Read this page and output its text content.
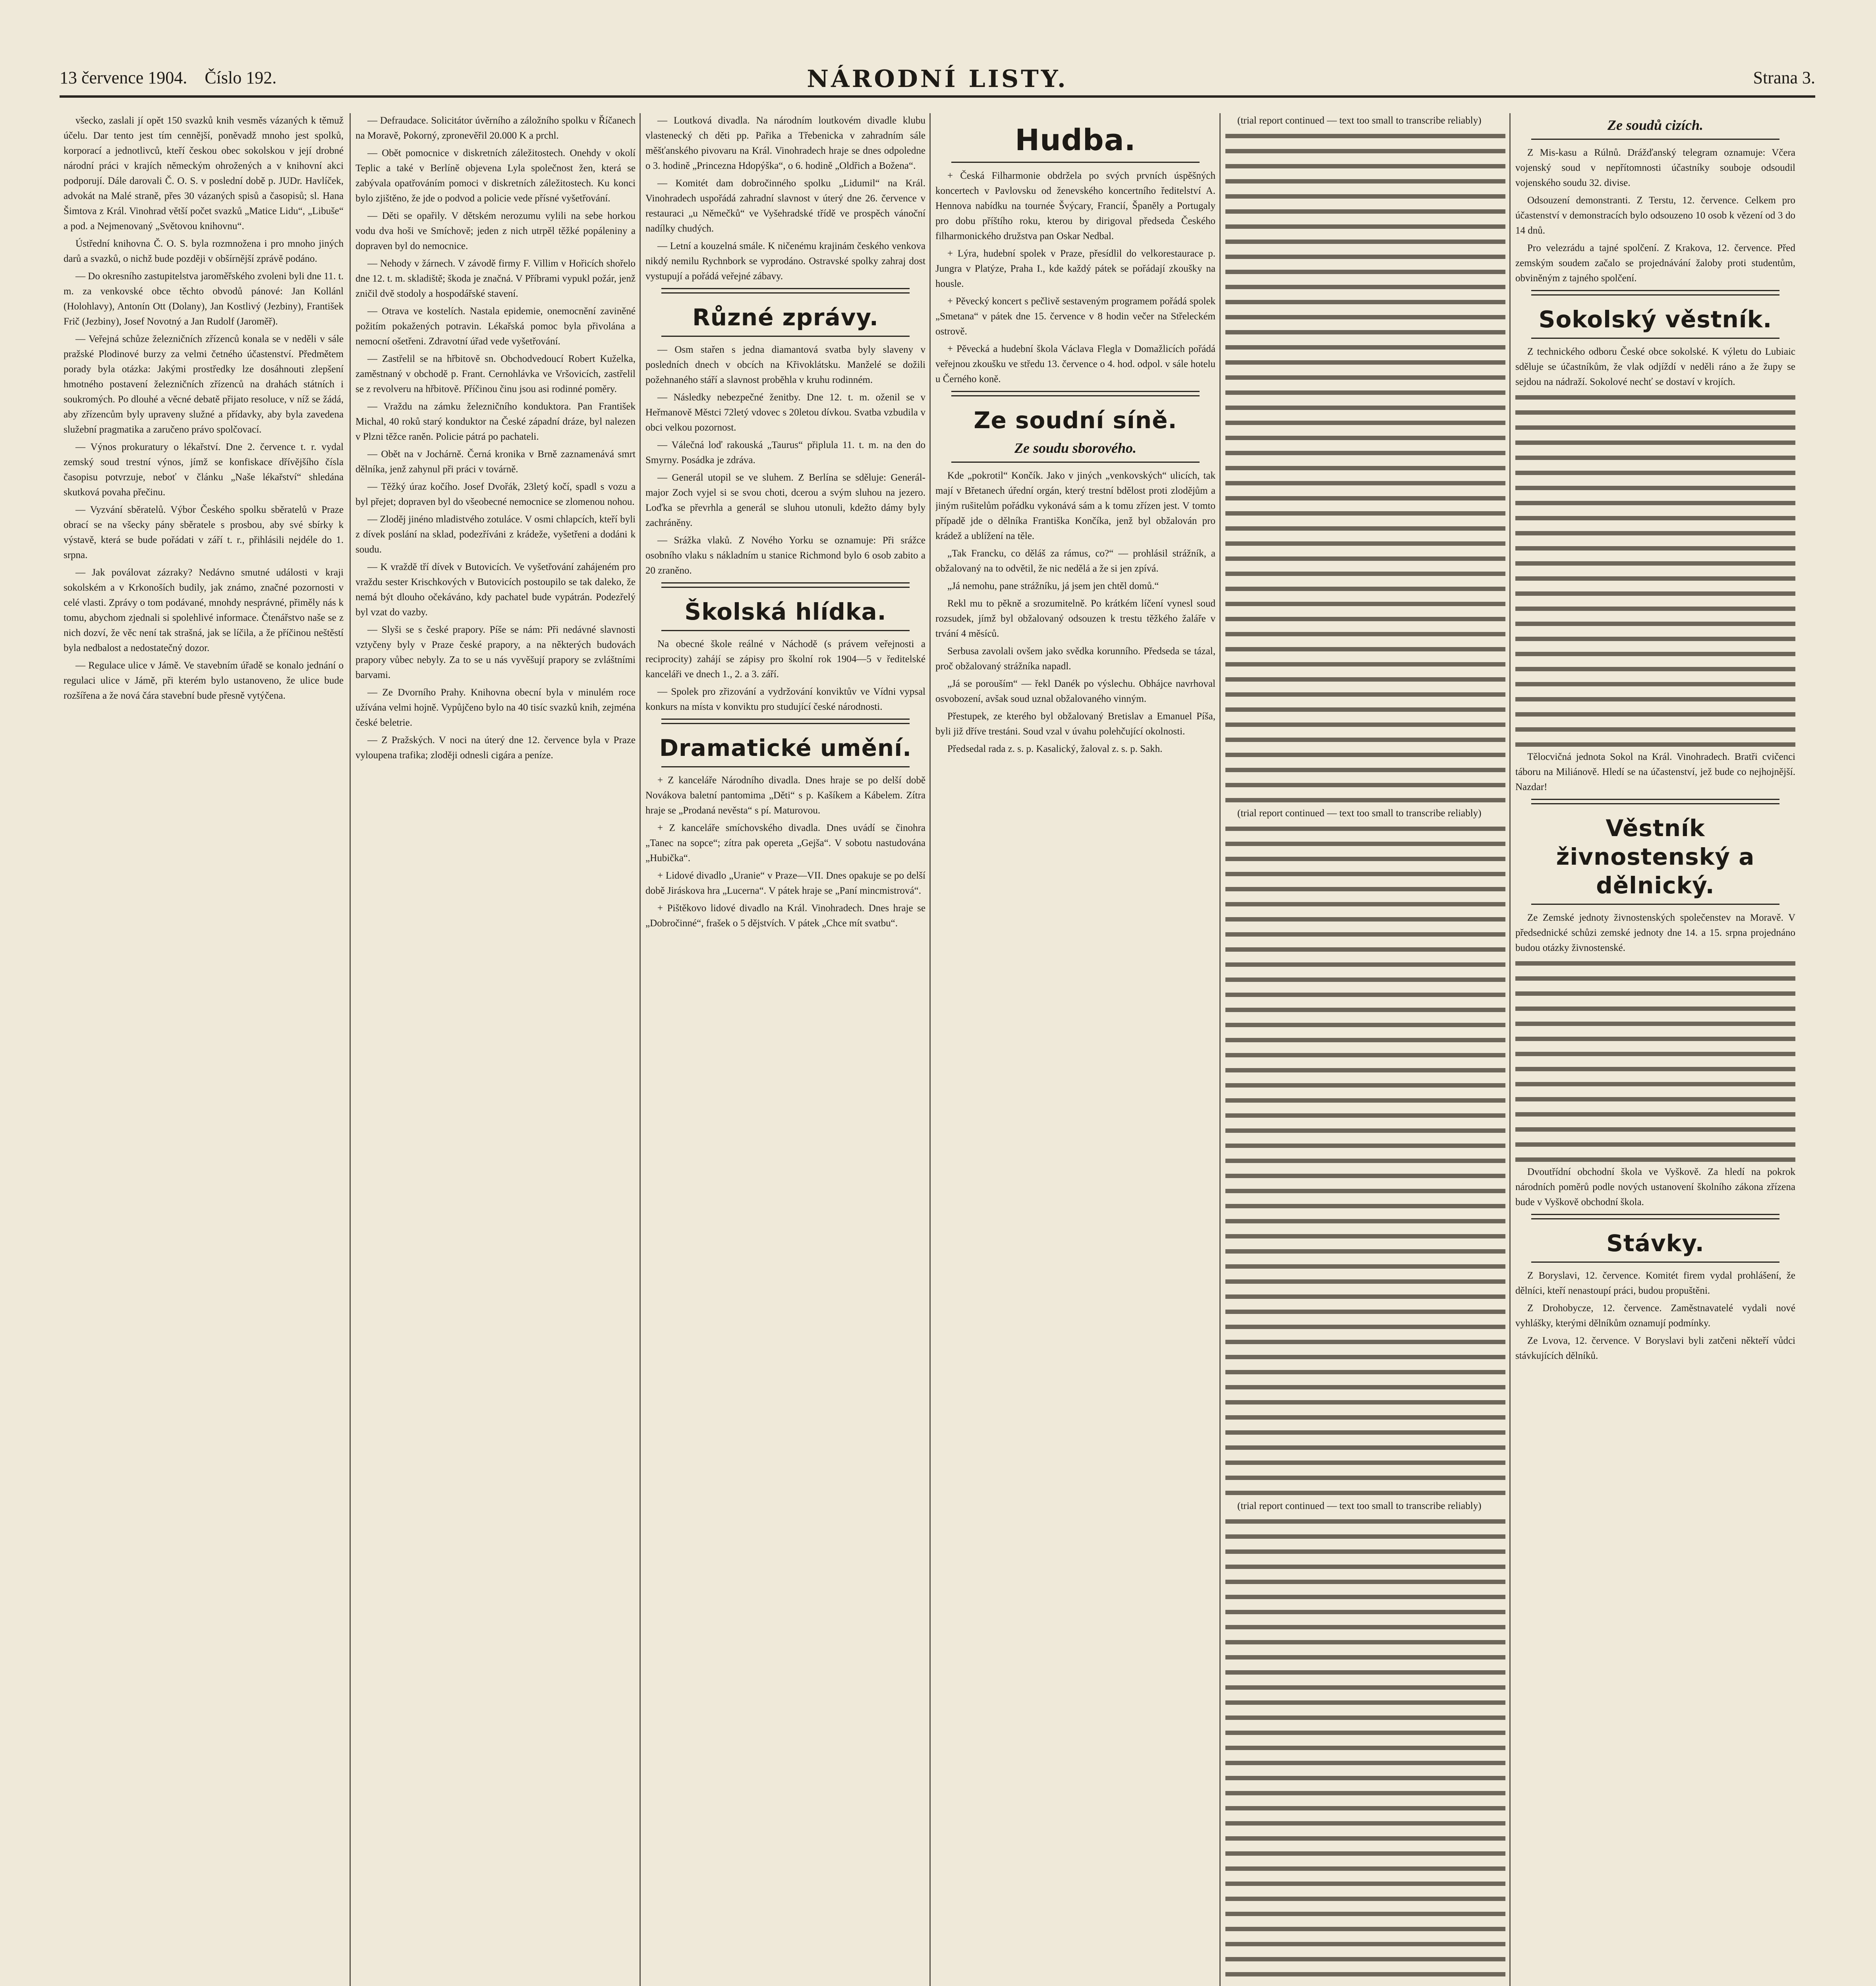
13 července 1904. Číslo 192.	NÁRODNÍ LISTY.	Strana 3.

všecko, zaslali jí opět 150 svazků knih vesměs vázaných k těmuž účelu. Dar tento jest tím cennější, poněvadž mnoho jest spolků, korporací a jednotlivců, kteří českou obec sokolskou v její drobné národní práci v krajích německým ohrožených a v knihovní akci podporují. Dále darovali Č. O. S. v poslední době p. JUDr. Havlíček, advokát na Malé straně, přes 30 vázaných spisů a časopisů; sl. Hana Šimtova z Král. Vinohrad větší počet svazků „Matice Lidu“, „Libuše“ a pod. a Nejmenovaný „Světovou knihovnu“.

Ústřední knihovna Č. O. S. byla rozmnožena i pro mnoho jiných darů a svazků, o nichž bude později v obšírnější zprávě podáno.

— Do okresního zastupitelstva jaroměřského zvoleni byli dne 11. t. m. za venkovské obce těchto obvodů pánové: Jan Kollánl (Holohlavy), Antonín Ott (Dolany), Jan Kostlivý (Jezbiny), František Frič (Jezbiny), Josef Novotný a Jan Rudolf (Jaroměř).

— Veřejná schůze železničních zřízenců konala se v neděli v sále pražské Plodinové burzy za velmi četného účastenství. Předmětem porady byla otázka: Jakými prostředky lze dosáhnouti zlepšení hmotného postavení železničních zřízenců na drahách státních i soukromých. Po dlouhé a věcné debatě přijato resoluce, v níž se žádá, aby zřízencům byly upraveny služné a přídavky, aby byla zavedena služební pragmatika a zaručeno právo spolčovací.

— Výnos prokuratury o lékařství. Dne 2. července t. r. vydal zemský soud trestní výnos, jímž se konfiskace dřívějšího čísla časopisu potvrzuje, neboť v článku „Naše lékařství“ shledána skutková povaha přečinu.

— Vyzvání sběratelů. Výbor Českého spolku sběratelů v Praze obrací se na všecky pány sběratele s prosbou, aby své sbírky k výstavě, která se bude pořádati v září t. r., přihlásili nejdéle do 1. srpna.

— Jak poválovat zázraky? Nedávno smutné události v kraji sokolském a v Krkonoších budily, jak známo, značné pozornosti v celé vlasti. Zprávy o tom podávané, mnohdy nesprávné, přiměly nás k tomu, abychom zjednali si spolehlivé informace. Čtenářstvo naše se z nich dozví, že věc není tak strašná, jak se líčila, a že příčinou neštěstí byla nedbalost a nedostatečný dozor.

— Regulace ulice v Jámě. Ve stavebním úřadě se konalo jednání o regulaci ulice v Jámě, při kterém bylo ustanoveno, že ulice bude rozšířena a že nová čára stavební bude přesně vytýčena.

— Defraudace. Solicitátor úvěrního a záložního spolku v Říčanech na Moravě, Pokorný, zpronevěřil 20.000 K a prchl.

— Obět pomocnice v diskretních záležitostech. Onehdy v okolí Teplic a také v Berlíně objevena Lyla společnost žen, která se zabývala opatřováním pomoci v diskretních záležitostech. Ku konci bylo zjištěno, že jde o podvod a policie vede přísné vyšetřování.

— Děti se opařily. V dětském nerozumu vylili na sebe horkou vodu dva hoši ve Smíchově; jeden z nich utrpěl těžké popáleniny a dopraven byl do nemocnice.

— Nehody v žárnech. V závodě firmy F. Villim v Hořicích shořelo dne 12. t. m. skladiště; škoda je značná. V Příbrami vypukl požár, jenž zničil dvě stodoly a hospodářské stavení.

— Otrava ve kostelích. Nastala epidemie, onemocnění zaviněné požitím pokažených potravin. Lékařská pomoc byla přivolána a nemocní ošetřeni. Zdravotní úřad vede vyšetřování.

— Zastřelil se na hřbitově sn. Obchodvedoucí Robert Kuželka, zaměstnaný v obchodě p. Frant. Cernohlávka ve Vršovicích, zastřelil se z revolveru na hřbitově. Příčinou činu jsou asi rodinné poměry.

— Vraždu na zámku železničního konduktora. Pan František Michal, 40 roků starý konduktor na České západní dráze, byl nalezen v Plzni těžce raněn. Policie pátrá po pachateli.

— Obět na v Jochárně. Černá kronika v Brně zaznamenává smrt dělníka, jenž zahynul při práci v továrně.

— Těžký úraz kočího. Josef Dvořák, 23letý kočí, spadl s vozu a byl přejet; dopraven byl do všeobecné nemocnice se zlomenou nohou.

— Zloděj jinéno mladistvého zotuláce. V osmi chlapcích, kteří byli z dívek poslání na sklad, podezříváni z krádeže, vyšetřeni a dodáni k soudu.

— K vraždě tří dívek v Butovicích. Ve vyšetřování zahájeném pro vraždu sester Krischkových v Butovicích postoupilo se tak daleko, že nemá být dlouho očekáváno, kdy pachatel bude vypátrán. Podezřelý byl vzat do vazby.

— Slyši se s české prapory. Píše se nám: Při nedávné slavnosti vztyčeny byly v Praze české prapory, a na některých budovách prapory vůbec nebyly. Za to se u nás vyvěšují prapory se zvláštními barvami.

— Ze Dvorního Prahy. Knihovna obecní byla v minulém roce užívána velmi hojně. Vypůjčeno bylo na 40 tisíc svazků knih, zejména české beletrie.

— Z Pražských. V noci na úterý dne 12. července byla v Praze vyloupena trafika; zloději odnesli cigára a peníze.

— Loutková divadla. Na národním loutkovém divadle klubu vlastenecký ch děti pp. Pařika a Třebenicka v zahradním sále měšťanského pivovaru na Král. Vinohradech hraje se dnes odpoledne o 3. hodině „Princezna Hdopýška“, o 6. hodině „Oldřich a Božena“.

— Komitét dam dobročinného spolku „Lidumil“ na Král. Vinohradech uspořádá zahradní slavnost v úterý dne 26. července v restauraci „u Němečků“ ve Vyšehradské třídě ve prospěch vánoční nadílky chudých.

— Letní a kouzelná smále. K ničenému krajinám českého venkova nikdý nemilu Rychnbork se vyprodáno. Ostravské spolky zahraj dost vystupují a pořádá veřejné zábavy.

Různé zprávy.

— Osm stařen s jedna diamantová svatba byly slaveny v posledních dnech v obcích na Křivoklátsku. Manželé se dožili požehnaného stáří a slavnost proběhla v kruhu rodinném.

— Následky nebezpečné ženitby. Dne 12. t. m. oženil se v Heřmanově Městci 72letý vdovec s 20letou dívkou. Svatba vzbudila v obci velkou pozornost.

— Válečná loď rakouská „Taurus“ připlula 11. t. m. na den do Smyrny. Posádka je zdráva.

— Generál utopil se ve sluhem. Z Berlína se sděluje: Generál-major Zoch vyjel si se svou choti, dcerou a svým sluhou na jezero. Loďka se převrhla a generál se sluhou utonuli, kdežto dámy byly zachráněny.

— Srážka vlaků. Z Nového Yorku se oznamuje: Při srážce osobního vlaku s nákladním u stanice Richmond bylo 6 osob zabito a 20 zraněno.

Školská hlídka.

Na obecné škole reálné v Náchodě (s právem veřejnosti a reciprocity) zahájí se zápisy pro školní rok 1904—5 v ředitelské kanceláři ve dnech 1., 2. a 3. září.

— Spolek pro zřizování a vydržování konviktův ve Vídni vypsal konkurs na místa v konviktu pro studující české národnosti.

Dramatické umění.

+ Z kanceláře Národního divadla. Dnes hraje se po delší době Novákova baletní pantomima „Děti“ s p. Kašíkem a Kábelem. Zítra hraje se „Prodaná nevěsta“ s pí. Maturovou.

+ Z kanceláře smíchovského divadla. Dnes uvádí se činohra „Tanec na sopce“; zítra pak opereta „Gejša“. V sobotu nastudována „Hubička“.

+ Lidové divadlo „Uranie“ v Praze—VII. Dnes opakuje se po delší době Jiráskova hra „Lucerna“. V pátek hraje se „Paní mincmistrová“.

+ Pištěkovo lidové divadlo na Král. Vinohradech. Dnes hraje se „Dobročinné“, frašek o 5 dějstvích. V pátek „Chce mít svatbu“.

Hudba.

+ Česká Filharmonie obdržela po svých prvních úspěšných koncertech v Pavlovsku od ženevského koncertního ředitelství A. Hennova nabídku na tournée Švýcary, Francií, Španěly a Portugaly pro dobu příštího roku, kterou by dirigoval předseda Českého filharmonického družstva pan Oskar Nedbal.

+ Lýra, hudební spolek v Praze, přesídlil do velkorestaurace p. Jungra v Platýze, Praha I., kde každý pátek se pořádají zkoušky na housle.

+ Pěvecký koncert s pečlivě sestaveným programem pořádá spolek „Smetana“ v pátek dne 15. července v 8 hodin večer na Střeleckém ostrově.

+ Pěvecká a hudební škola Václava Flegla v Domažlicích pořádá veřejnou zkoušku ve středu 13. července o 4. hod. odpol. v sále hotelu u Černého koně.

Ze soudní síně.
Ze soudu sborového.

Kde „pokrotil“ Končík. Jako v jiných „venkovských“ ulicích, tak mají v Břetanech úřední orgán, který trestní bdělost proti zlodějům a jiným rušitelům pořádku vykonává sám a k tomu zřízen jest. V tomto případě jde o dělníka Františka Končíka, jenž byl obžalován pro krádež a ublížení na těle.

„Tak Francku, co děláš za rámus, co?“ — prohlásil strážník, a obžalovaný na to odvětil, že nic nedělá a že si jen zpívá.

„Já nemohu, pane strážníku, já jsem jen chtěl domů.“

Rekl mu to pěkně a srozumitelně. Po krátkém líčení vynesl soud rozsudek, jímž byl obžalovaný odsouzen k trestu těžkého žaláře v trvání 4 měsíců.

Serbusa zavolali ovšem jako svědka korunního. Předseda se tázal, proč obžalovaný strážníka napadl.

„Já se porouším“ — řekl Danék po výslechu. Obhájce navrhoval osvobození, avšak soud uznal obžalovaného vinným.

Přestupek, ze kterého byl obžalovaný Bretislav a Emanuel Píša, byli již dříve trestáni. Soud vzal v úvahu polehčující okolnosti.

Předsedal rada z. s. p. Kasalický, žaloval z. s. p. Sakh.

(trial report continued — text too small to transcribe reliably)

(trial report continued — text too small to transcribe reliably)

(trial report continued — text too small to transcribe reliably)

Ze soudů cizích.

Z Mis-kasu a Rúlnů. Drážďanský telegram oznamuje: Včera vojenský soud v nepřítomnosti účastníky souboje odsoudil vojenského soudu 32. divise.

Odsouzení demonstranti. Z Terstu, 12. července. Celkem pro účastenství v demonstracích bylo odsouzeno 10 osob k vězení od 3 do 14 dnů.

Pro velezrádu a tajné spolčení. Z Krakova, 12. července. Před zemským soudem začalo se projednávání žaloby proti studentům, obviněným z tajného spolčení.

Sokolský věstník.

Z technického odboru České obce sokolské. K výletu do Lubiaic sděluje se účastníkům, že vlak odjíždí v neděli ráno a že župy se sejdou na nádraží. Sokolové nechť se dostaví v krojích.

Tělocvičná jednota Sokol na Král. Vinohradech. Bratři cvičenci táboru na Miliánově. Hledí se na účastenství, jež bude co nejhojnější. Nazdar!

Věstník živnostenský a dělnický.

Ze Zemské jednoty živnostenských společenstev na Moravě. V předsednické schůzi zemské jednoty dne 14. a 15. srpna projednáno budou otázky živnostenské.

Dvoutřídní obchodní škola ve Vyškově. Za hledí na pokrok národních poměrů podle nových ustanovení školního zákona zřízena bude v Vyškově obchodní škola.

Stávky.

Z Boryslavi, 12. července. Komitét firem vydal prohlášení, že dělníci, kteří nenastoupí práci, budou propuštěni.

Z Drohobycze, 12. července. Zaměstnavatelé vydali nové vyhlášky, kterými dělníkům oznamují podmínky.

Ze Lvova, 12. července. V Boryslavi byli zatčeni někteří vůdci stávkujících dělníků.
